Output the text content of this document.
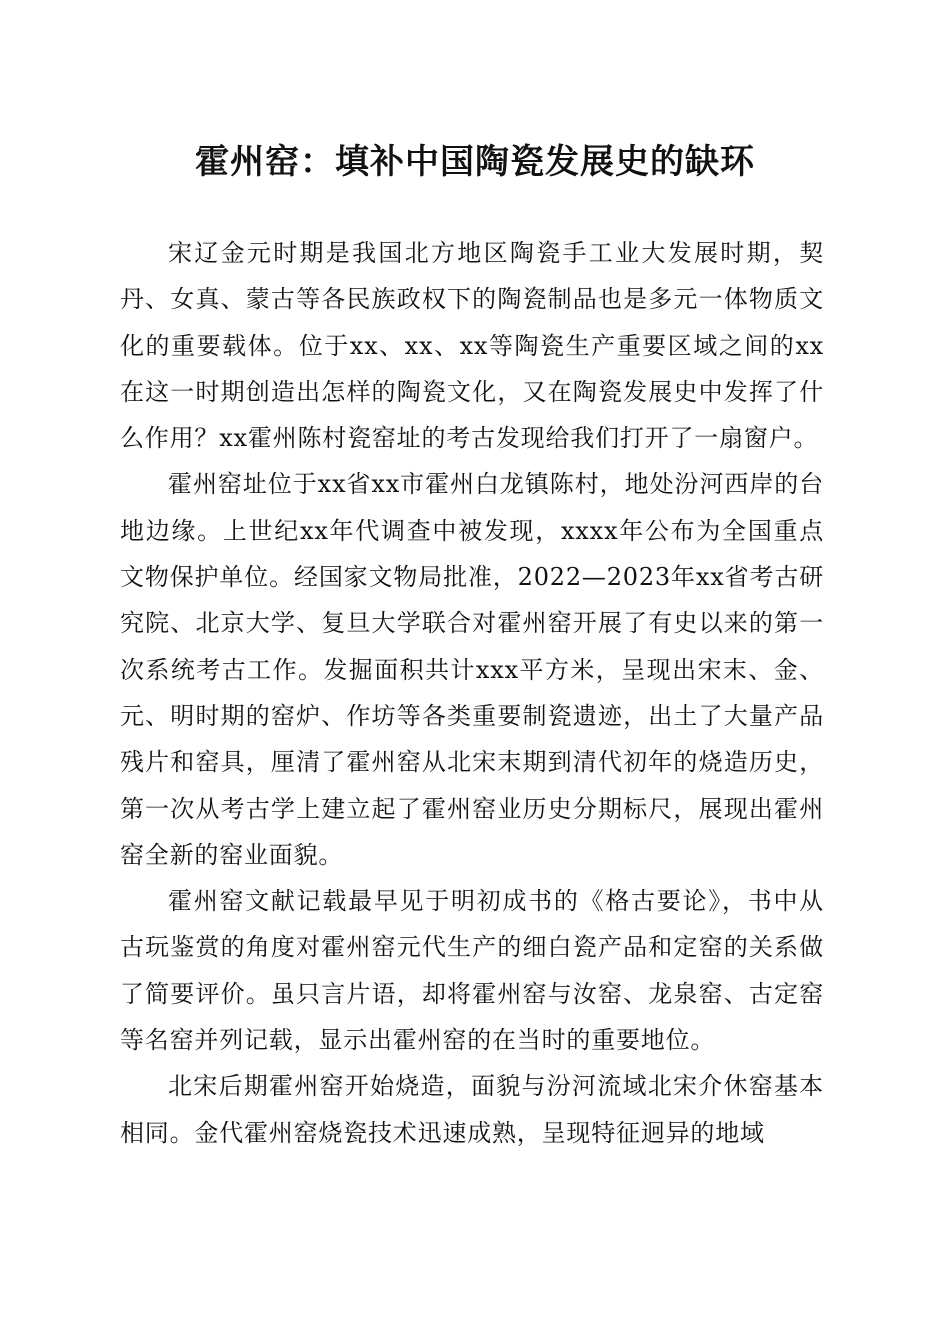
霍州窑：填补中国陶瓷发展史的缺环

宋辽金元时期是我国北方地区陶瓷手工业大发展时期，契丹、女真、蒙古等各民族政权下的陶瓷制品也是多元一体物质文化的重要载体。位于xx、xx、xx等陶瓷生产重要区域之间的xx在这一时期创造出怎样的陶瓷文化，又在陶瓷发展史中发挥了什么作用？xx霍州陈村瓷窑址的考古发现给我们打开了一扇窗户。

霍州窑址位于xx省xx市霍州白龙镇陈村，地处汾河西岸的台地边缘。上世纪xx年代调查中被发现，xxxx年公布为全国重点文物保护单位。经国家文物局批准，2022—2023年xx省考古研究院、北京大学、复旦大学联合对霍州窑开展了有史以来的第一次系统考古工作。发掘面积共计xxx平方米，呈现出宋末、金、元、明时期的窑炉、作坊等各类重要制瓷遗迹，出土了大量产品残片和窑具，厘清了霍州窑从北宋末期到清代初年的烧造历史，第一次从考古学上建立起了霍州窑业历史分期标尺，展现出霍州窑全新的窑业面貌。

霍州窑文献记载最早见于明初成书的《格古要论》，书中从古玩鉴赏的角度对霍州窑元代生产的细白瓷产品和定窑的关系做了简要评价。虽只言片语，却将霍州窑与汝窑、龙泉窑、古定窑等名窑并列记载，显示出霍州窑的在当时的重要地位。

北宋后期霍州窑开始烧造，面貌与汾河流域北宋介休窑基本相同。金代霍州窑烧瓷技术迅速成熟，呈现特征迥异的地域
